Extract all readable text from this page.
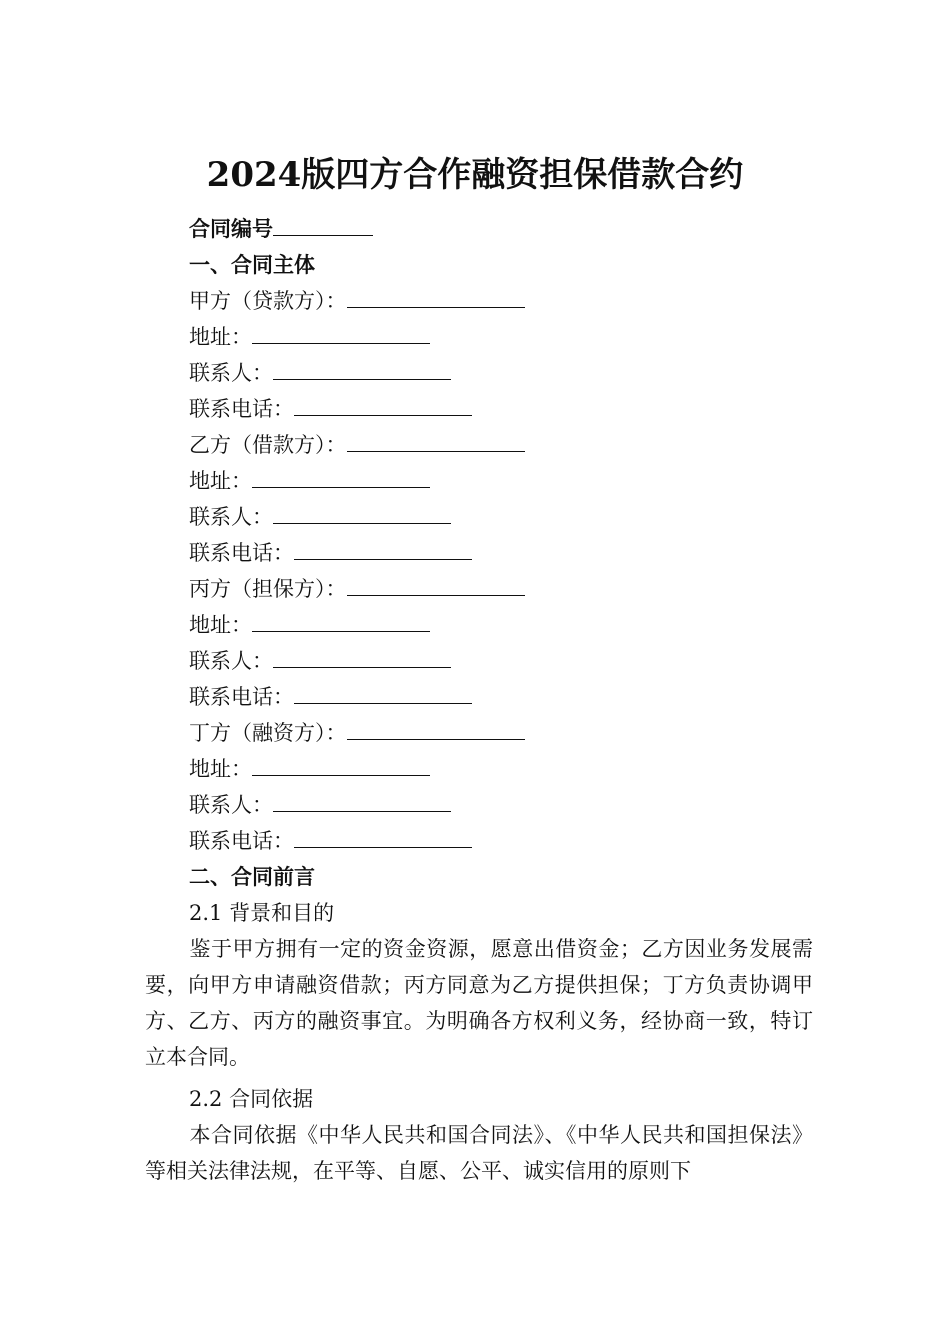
2024版四方合作融资担保借款合约
合同编号
一、合同主体
甲方（贷款方）：
地址：
联系人：
联系电话：
乙方（借款方）：
地址：
联系人：
联系电话：
丙方（担保方）：
地址：
联系人：
联系电话：
丁方（融资方）：
地址：
联系人：
联系电话：
二、合同前言
2.1 背景和目的
鉴于甲方拥有一定的资金资源，愿意出借资金；乙方因业务发展需要，向甲方申请融资借款；丙方同意为乙方提供担保；丁方负责协调甲方、乙方、丙方的融资事宜。为明确各方权利义务，经协商一致，特订立本合同。
2.2 合同依据
本合同依据《中华人民共和国合同法》、《中华人民共和国担保法》等相关法律法规，在平等、自愿、公平、诚实信用的原则下
